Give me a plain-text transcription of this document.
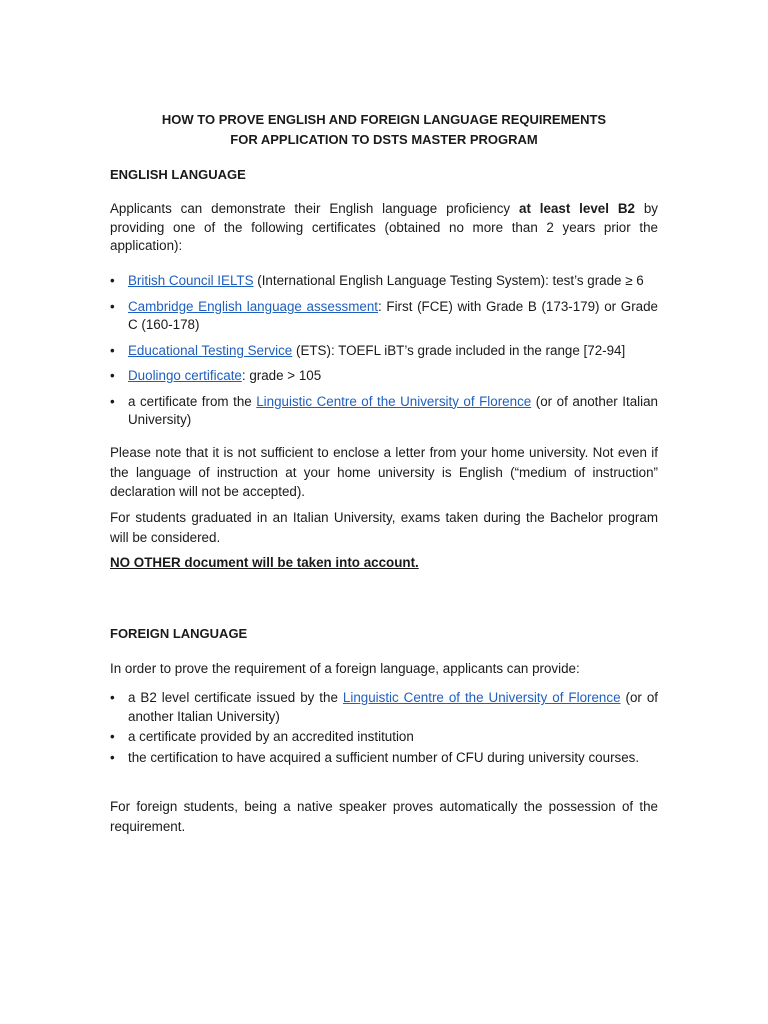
HOW TO PROVE ENGLISH AND FOREIGN LANGUAGE REQUIREMENTS
FOR APPLICATION TO DSTS MASTER PROGRAM
ENGLISH LANGUAGE
Applicants can demonstrate their English language proficiency at least level B2 by providing one of the following certificates (obtained no more than 2 years prior the application):
• British Council IELTS (International English Language Testing System): test’s grade ≥ 6
• Cambridge English language assessment: First (FCE) with Grade B (173-179) or Grade C (160-178)
• Educational Testing Service (ETS): TOEFL iBT’s grade included in the range [72-94]
• Duolingo certificate: grade > 105
• a certificate from the Linguistic Centre of the University of Florence (or of another Italian University)
Please note that it is not sufficient to enclose a letter from your home university. Not even if the language of instruction at your home university is English (“medium of instruction” declaration will not be accepted).
For students graduated in an Italian University, exams taken during the Bachelor program will be considered.
NO OTHER document will be taken into account.
FOREIGN LANGUAGE
In order to prove the requirement of a foreign language, applicants can provide:
• a B2 level certificate issued by the Linguistic Centre of the University of Florence (or of another Italian University)
• a certificate provided by an accredited institution
• the certification to have acquired a sufficient number of CFU during university courses.
For foreign students, being a native speaker proves automatically the possession of the requirement.
